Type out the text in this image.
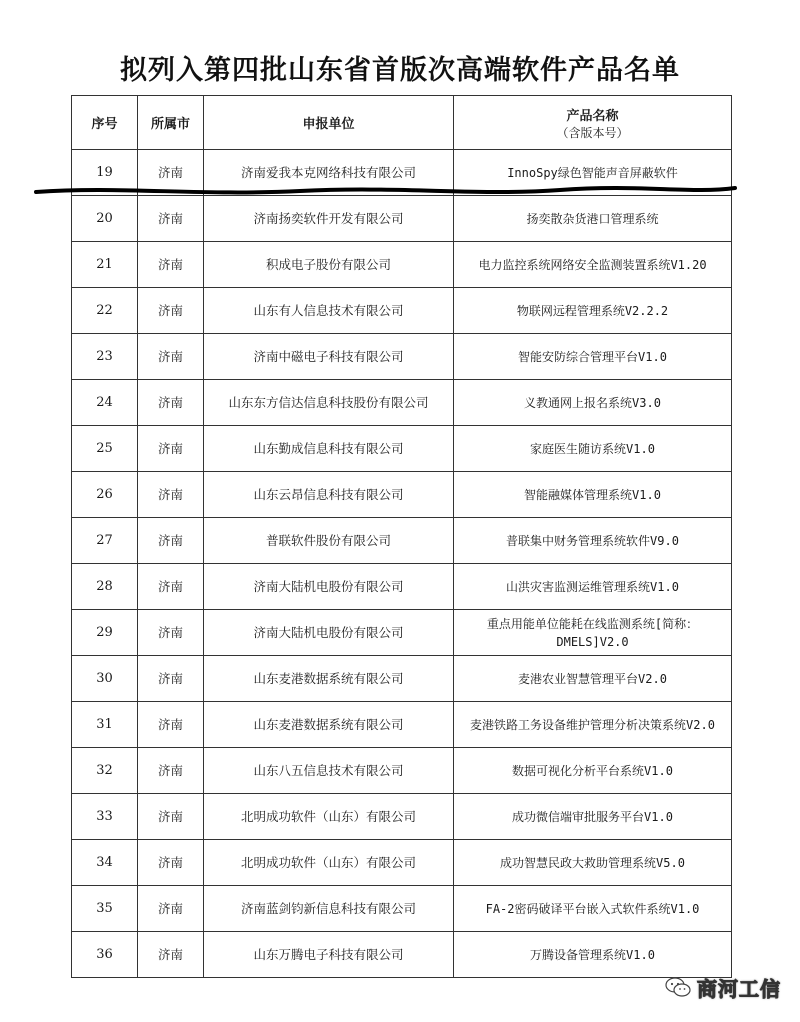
拟列入第四批山东省首版次高端软件产品名单
序号	所属市	申报单位	产品名称
（含版本号）

19	济南	济南爱我本克网络科技有限公司	InnoSpy绿色智能声音屏蔽软件
20	济南	济南扬奕软件开发有限公司	扬奕散杂货港口管理系统
21	济南	积成电子股份有限公司	电力监控系统网络安全监测装置系统V1.20
22	济南	山东有人信息技术有限公司	物联网远程管理系统V2.2.2
23	济南	济南中磁电子科技有限公司	智能安防综合管理平台V1.0
24	济南	山东东方信达信息科技股份有限公司	义教通网上报名系统V3.0
25	济南	山东勤成信息科技有限公司	家庭医生随访系统V1.0
26	济南	山东云昂信息科技有限公司	智能融媒体管理系统V1.0
27	济南	普联软件股份有限公司	普联集中财务管理系统软件V9.0
28	济南	济南大陆机电股份有限公司	山洪灾害监测运维管理系统V1.0
29	济南	济南大陆机电股份有限公司	重点用能单位能耗在线监测系统[简称：DMELS]V2.0
30	济南	山东麦港数据系统有限公司	麦港农业智慧管理平台V2.0
31	济南	山东麦港数据系统有限公司	麦港铁路工务设备维护管理分析决策系统V2.0
32	济南	山东八五信息技术有限公司	数据可视化分析平台系统V1.0
33	济南	北明成功软件（山东）有限公司	成功微信端审批服务平台V1.0
34	济南	北明成功软件（山东）有限公司	成功智慧民政大救助管理系统V5.0
35	济南	济南蓝剑钧新信息科技有限公司	FA-2密码破译平台嵌入式软件系统V1.0
36	济南	山东万腾电子科技有限公司	万腾设备管理系统V1.0
商河工信
